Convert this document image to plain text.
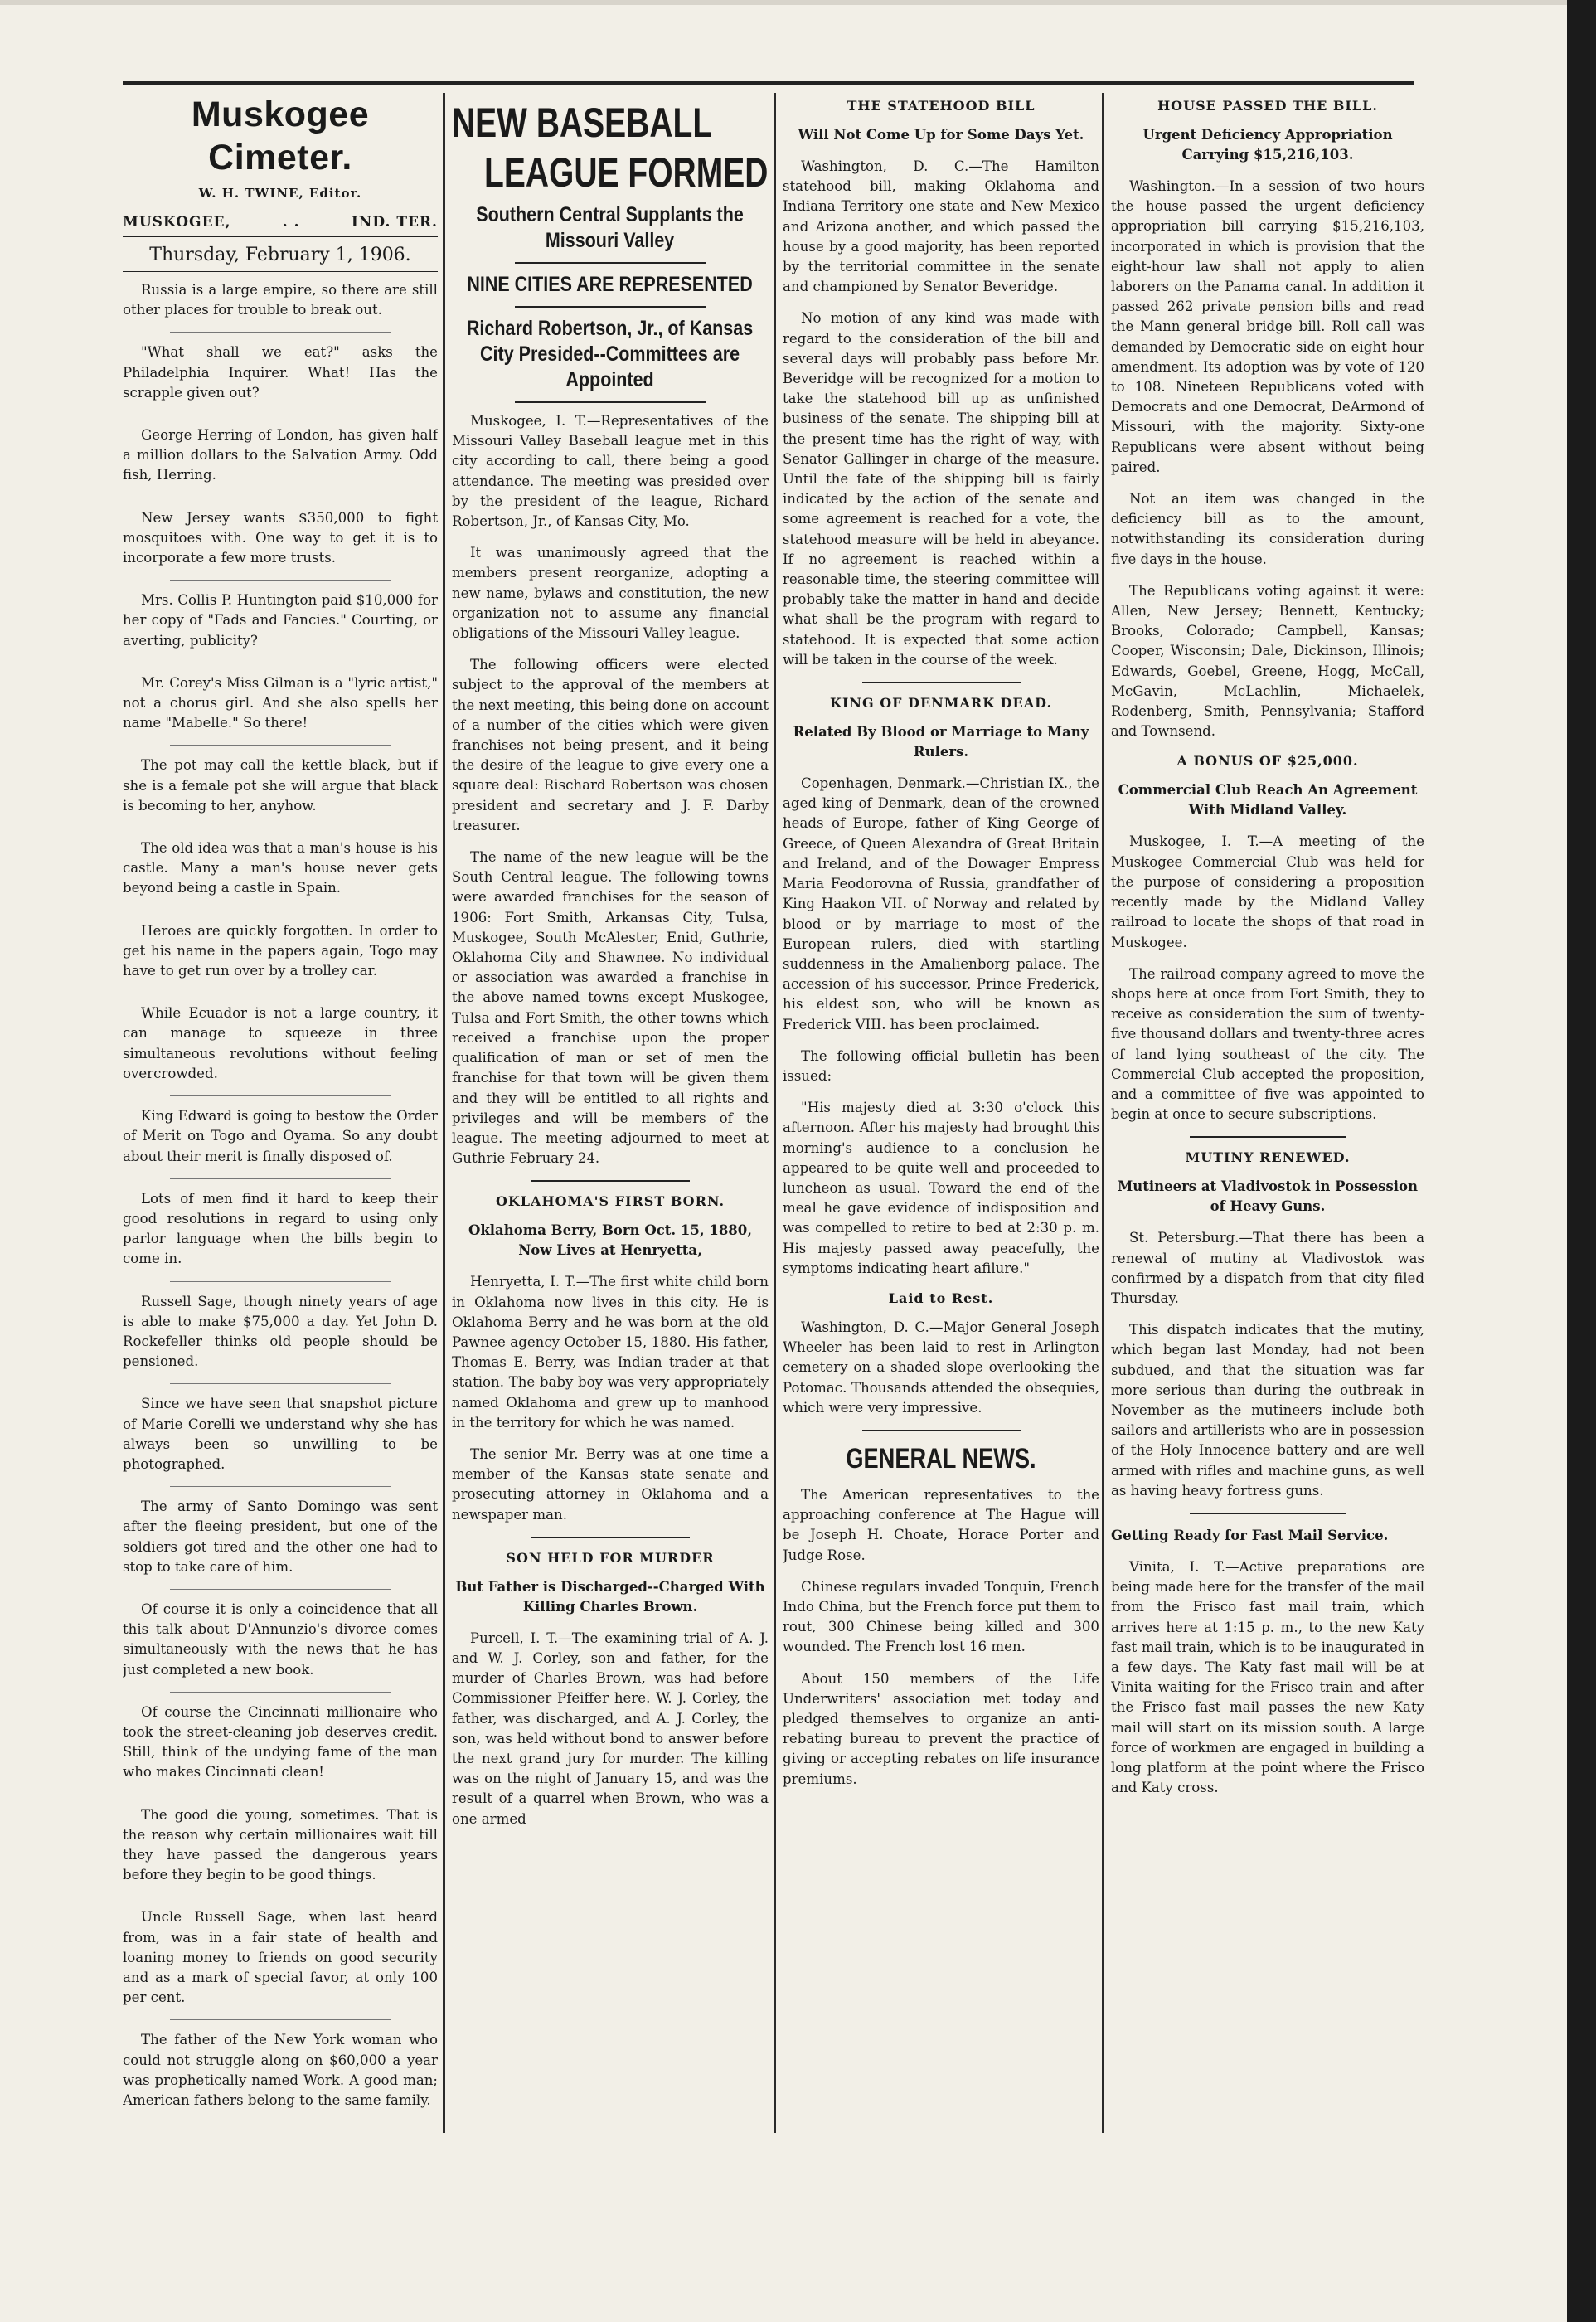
Muskogee Cimeter.
W. H. TWINE, Editor.
MUSKOGEE,	. .	IND. TER.
Thursday, February 1, 1906.

Russia is a large empire, so there are still other places for trouble to break out.

"What shall we eat?" asks the Philadelphia Inquirer. What! Has the scrapple given out?

George Herring of London, has given half a million dollars to the Salvation Army. Odd fish, Herring.

New Jersey wants $350,000 to fight mosquitoes with. One way to get it is to incorporate a few more trusts.

Mrs. Collis P. Huntington paid $10,000 for her copy of "Fads and Fancies." Courting, or averting, publicity?

Mr. Corey's Miss Gilman is a "lyric artist," not a chorus girl. And she also spells her name "Mabelle." So there!

The pot may call the kettle black, but if she is a female pot she will argue that black is becoming to her, anyhow.

The old idea was that a man's house is his castle. Many a man's house never gets beyond being a castle in Spain.

Heroes are quickly forgotten. In order to get his name in the papers again, Togo may have to get run over by a trolley car.

While Ecuador is not a large country, it can manage to squeeze in three simultaneous revolutions without feeling overcrowded.

King Edward is going to bestow the Order of Merit on Togo and Oyama. So any doubt about their merit is finally disposed of.

Lots of men find it hard to keep their good resolutions in regard to using only parlor language when the bills begin to come in.

Russell Sage, though ninety years of age is able to make $75,000 a day. Yet John D. Rockefeller thinks old people should be pensioned.

Since we have seen that snapshot picture of Marie Corelli we understand why she has always been so unwilling to be photographed.

The army of Santo Domingo was sent after the fleeing president, but one of the soldiers got tired and the other one had to stop to take care of him.

Of course it is only a coincidence that all this talk about D'Annunzio's divorce comes simultaneously with the news that he has just completed a new book.

Of course the Cincinnati millionaire who took the street-cleaning job deserves credit. Still, think of the undying fame of the man who makes Cincinnati clean!

The good die young, sometimes. That is the reason why certain millionaires wait till they have passed the dangerous years before they begin to be good things.

Uncle Russell Sage, when last heard from, was in a fair state of health and loaning money to friends on good security and as a mark of special favor, at only 100 per cent.

The father of the New York woman who could not struggle along on $60,000 a year was prophetically named Work. A good man; American fathers belong to the same family.

NEW BASEBALL
LEAGUE FORMED
Southern Central Supplants the Missouri Valley
NINE CITIES ARE REPRESENTED
Richard Robertson, Jr., of Kansas City Presided--Committees are Appointed

Muskogee, I. T.—Representatives of the Missouri Valley Baseball league met in this city according to call, there being a good attendance. The meeting was presided over by the president of the league, Richard Robertson, Jr., of Kansas City, Mo.

It was unanimously agreed that the members present reorganize, adopting a new name, bylaws and constitution, the new organization not to assume any financial obligations of the Missouri Valley league.

The following officers were elected subject to the approval of the members at the next meeting, this being done on account of a number of the cities which were given franchises not being present, and it being the desire of the league to give every one a square deal: Rischard Robertson was chosen president and secretary and J. F. Darby treasurer.

The name of the new league will be the South Central league. The following towns were awarded franchises for the season of 1906: Fort Smith, Arkansas City, Tulsa, Muskogee, South McAlester, Enid, Guthrie, Oklahoma City and Shawnee. No individual or association was awarded a franchise in the above named towns except Muskogee, Tulsa and Fort Smith, the other towns which received a franchise upon the proper qualification of man or set of men the franchise for that town will be given them and they will be entitled to all rights and privileges and will be members of the league. The meeting adjourned to meet at Guthrie February 24.

OKLAHOMA'S FIRST BORN.
Oklahoma Berry, Born Oct. 15, 1880, Now Lives at Henryetta,

Henryetta, I. T.—The first white child born in Oklahoma now lives in this city. He is Oklahoma Berry and he was born at the old Pawnee agency October 15, 1880. His father, Thomas E. Berry, was Indian trader at that station. The baby boy was very appropriately named Oklahoma and grew up to manhood in the territory for which he was named.

The senior Mr. Berry was at one time a member of the Kansas state senate and prosecuting attorney in Oklahoma and a newspaper man.

SON HELD FOR MURDER
But Father is Discharged--Charged With Killing Charles Brown.

Purcell, I. T.—The examining trial of A. J. and W. J. Corley, son and father, for the murder of Charles Brown, was had before Commissioner Pfeiffer here. W. J. Corley, the father, was discharged, and A. J. Corley, the son, was held without bond to answer before the next grand jury for murder. The killing was on the night of January 15, and was the result of a quarrel when Brown, who was a one armed

THE STATEHOOD BILL
Will Not Come Up for Some Days Yet.

Washington, D. C.—The Hamilton statehood bill, making Oklahoma and Indiana Territory one state and New Mexico and Arizona another, and which passed the house by a good majority, has been reported by the territorial committee in the senate and championed by Senator Beveridge.

No motion of any kind was made with regard to the consideration of the bill and several days will probably pass before Mr. Beveridge will be recognized for a motion to take the statehood bill up as unfinished business of the senate. The shipping bill at the present time has the right of way, with Senator Gallinger in charge of the measure. Until the fate of the shipping bill is fairly indicated by the action of the senate and some agreement is reached for a vote, the statehood measure will be held in abeyance. If no agreement is reached within a reasonable time, the steering committee will probably take the matter in hand and decide what shall be the program with regard to statehood. It is expected that some action will be taken in the course of the week.

KING OF DENMARK DEAD.
Related By Blood or Marriage to Many Rulers.

Copenhagen, Denmark.—Christian IX., the aged king of Denmark, dean of the crowned heads of Europe, father of King George of Greece, of Queen Alexandra of Great Britain and Ireland, and of the Dowager Empress Maria Feodorovna of Russia, grandfather of King Haakon VII. of Norway and related by blood or by marriage to most of the European rulers, died with startling suddenness in the Amalienborg palace. The accession of his successor, Prince Frederick, his eldest son, who will be known as Frederick VIII. has been proclaimed.

The following official bulletin has been issued:

"His majesty died at 3:30 o'clock this afternoon. After his majesty had brought this morning's audience to a conclusion he appeared to be quite well and proceeded to luncheon as usual. Toward the end of the meal he gave evidence of indisposition and was compelled to retire to bed at 2:30 p. m. His majesty passed away peacefully, the symptoms indicating heart afilure."

Laid to Rest.

Washington, D. C.—Major General Joseph Wheeler has been laid to rest in Arlington cemetery on a shaded slope overlooking the Potomac. Thousands attended the obsequies, which were very impressive.

GENERAL NEWS.

The American representatives to the approaching conference at The Hague will be Joseph H. Choate, Horace Porter and Judge Rose.

Chinese regulars invaded Tonquin, French Indo China, but the French force put them to rout, 300 Chinese being killed and 300 wounded. The French lost 16 men.

About 150 members of the Life Underwriters' association met today and pledged themselves to organize an anti-rebating bureau to prevent the practice of giving or accepting rebates on life insurance premiums.

HOUSE PASSED THE BILL.
Urgent Deficiency Appropriation Carrying $15,216,103.

Washington.—In a session of two hours the house passed the urgent deficiency appropriation bill carrying $15,216,103, incorporated in which is provision that the eight-hour law shall not apply to alien laborers on the Panama canal. In addition it passed 262 private pension bills and read the Mann general bridge bill. Roll call was demanded by Democratic side on eight hour amendment. Its adoption was by vote of 120 to 108. Nineteen Republicans voted with Democrats and one Democrat, DeArmond of Missouri, with the majority. Sixty-one Republicans were absent without being paired.

Not an item was changed in the deficiency bill as to the amount, notwithstanding its consideration during five days in the house.

The Republicans voting against it were: Allen, New Jersey; Bennett, Kentucky; Brooks, Colorado; Campbell, Kansas; Cooper, Wisconsin; Dale, Dickinson, Illinois; Edwards, Goebel, Greene, Hogg, McCall, McGavin, McLachlin, Michaelek, Rodenberg, Smith, Pennsylvania; Stafford and Townsend.

A BONUS OF $25,000.
Commercial Club Reach An Agreement With Midland Valley.

Muskogee, I. T.—A meeting of the Muskogee Commercial Club was held for the purpose of considering a proposition recently made by the Midland Valley railroad to locate the shops of that road in Muskogee.

The railroad company agreed to move the shops here at once from Fort Smith, they to receive as consideration the sum of twenty-five thousand dollars and twenty-three acres of land lying southeast of the city. The Commercial Club accepted the proposition, and a committee of five was appointed to begin at once to secure subscriptions.

MUTINY RENEWED.
Mutineers at Vladivostok in Possession of Heavy Guns.

St. Petersburg.—That there has been a renewal of mutiny at Vladivostok was confirmed by a dispatch from that city filed Thursday.

This dispatch indicates that the mutiny, which began last Monday, had not been subdued, and that the situation was far more serious than during the outbreak in November as the mutineers include both sailors and artillerists who are in possession of the Holy Innocence battery and are well armed with rifles and machine guns, as well as having heavy fortress guns.

Getting Ready for Fast Mail Service.

Vinita, I. T.—Active preparations are being made here for the transfer of the mail from the Frisco fast mail train, which arrives here at 1:15 p. m., to the new Katy fast mail train, which is to be inaugurated in a few days. The Katy fast mail will be at Vinita waiting for the Frisco train and after the Frisco fast mail passes the new Katy mail will start on its mission south. A large force of workmen are engaged in building a long platform at the point where the Frisco and Katy cross.
